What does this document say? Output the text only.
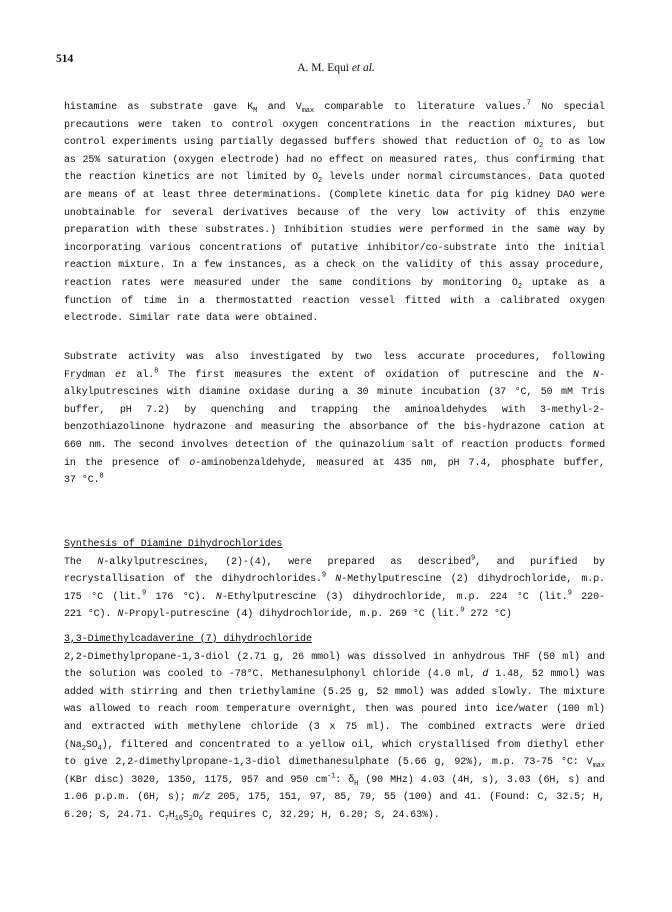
514
A. M. Equi et al.
histamine as substrate gave $K_M$ and $V_{max}$ comparable to literature values.$^7$ No special
precautions were taken to control oxygen concentrations in the reaction mixtures, but
control experiments using partially degassed buffers showed that reduction of $O_2$ to as low
as 25% saturation (oxygen electrode) had no effect on measured rates, thus confirming that
the reaction kinetics are not limited by $O_2$ levels under normal circumstances. Data quoted
are means of at least three determinations. (Complete kinetic data for pig kidney DAO were
unobtainable for several derivatives because of the very low activity of this enzyme
preparation with these substrates.) Inhibition studies were performed in the same way by
incorporating various concentrations of putative inhibitor/co-substrate into the initial
reaction mixture. In a few instances, as a check on the validity of this assay procedure,
reaction rates were measured under the same conditions by monitoring $O_2$ uptake as a
function of time in a thermostatted reaction vessel fitted with a calibrated oxygen
electrode. Similar rate data were obtained.
Substrate activity was also investigated by two less accurate procedures, following
Frydman et al.$^8$ The first measures the extent of oxidation of putrescine and the N-
alkylputrescines with diamine oxidase during a 30 minute incubation (37 °C, 50 mM Tris
buffer, pH 7.2) by quenching and trapping the aminoaldehydes with 3-methyl-2-
benzothiazolinone hydrazone and measuring the absorbance of the bis-hydrazone cation at
660 nm. The second involves detection of the quinazolium salt of reaction products formed
in the presence of o-aminobenzaldehyde, measured at 435 nm, pH 7.4, phosphate buffer,
37 °C.$^8$
Synthesis of Diamine Dihydrochlorides
The N-alkylputrescines, (2)-(4), were prepared as described$^9$, and purified by
recrystallisation of the dihydrochlorides.$^9$ N-Methylputrescine (2) dihydrochloride, m.p.
175 °C (lit.$^9$ 176 °C). N-Ethylputrescine (3) dihydrochloride, m.p. 224 °C (lit.$^9$ 220-
221 °C). N-Propyl-putrescine (4) dihydrochloride, m.p. 269 °C (lit.$^9$ 272 °C)
3,3-Dimethylcadaverine (7) dihydrochloride
2,2-Dimethylpropane-1,3-diol (2.71 g, 26 mmol) was dissolved in anhydrous THF (50 ml) and
the solution was cooled to -78°C. Methanesulphonyl chloride (4.0 ml, d 1.48, 52 mmol) was
added with stirring and then triethylamine (5.25 g, 52 mmol) was added slowly. The mixture
was allowed to reach room temperature overnight, then was poured into ice/water (100 ml)
and extracted with methylene chloride (3 x 75 ml). The combined extracts were dried
$(Na_2SO_4)$, filtered and concentrated to a yellow oil, which crystallised from diethyl ether
to give 2,2-dimethylpropane-1,3-diol dimethanesulphate (5.66 g, 92%), m.p. 73-75 °C: $V_{max}$
(KBr disc) 3020, 1350, 1175, 957 and 950 $cm^{-1}$: $\delta_H$ (90 MHz) 4.03 (4H, s), 3.03 (6H, s) and
1.06 p.p.m. (6H, s); m/z 205, 175, 151, 97, 85, 79, 55 (100) and 41. (Found: C, 32.5; H,
6.20; S, 24.71. $C_7H_{16}S_2O_6$ requires C, 32.29; H, 6.20; S, 24.63%).
